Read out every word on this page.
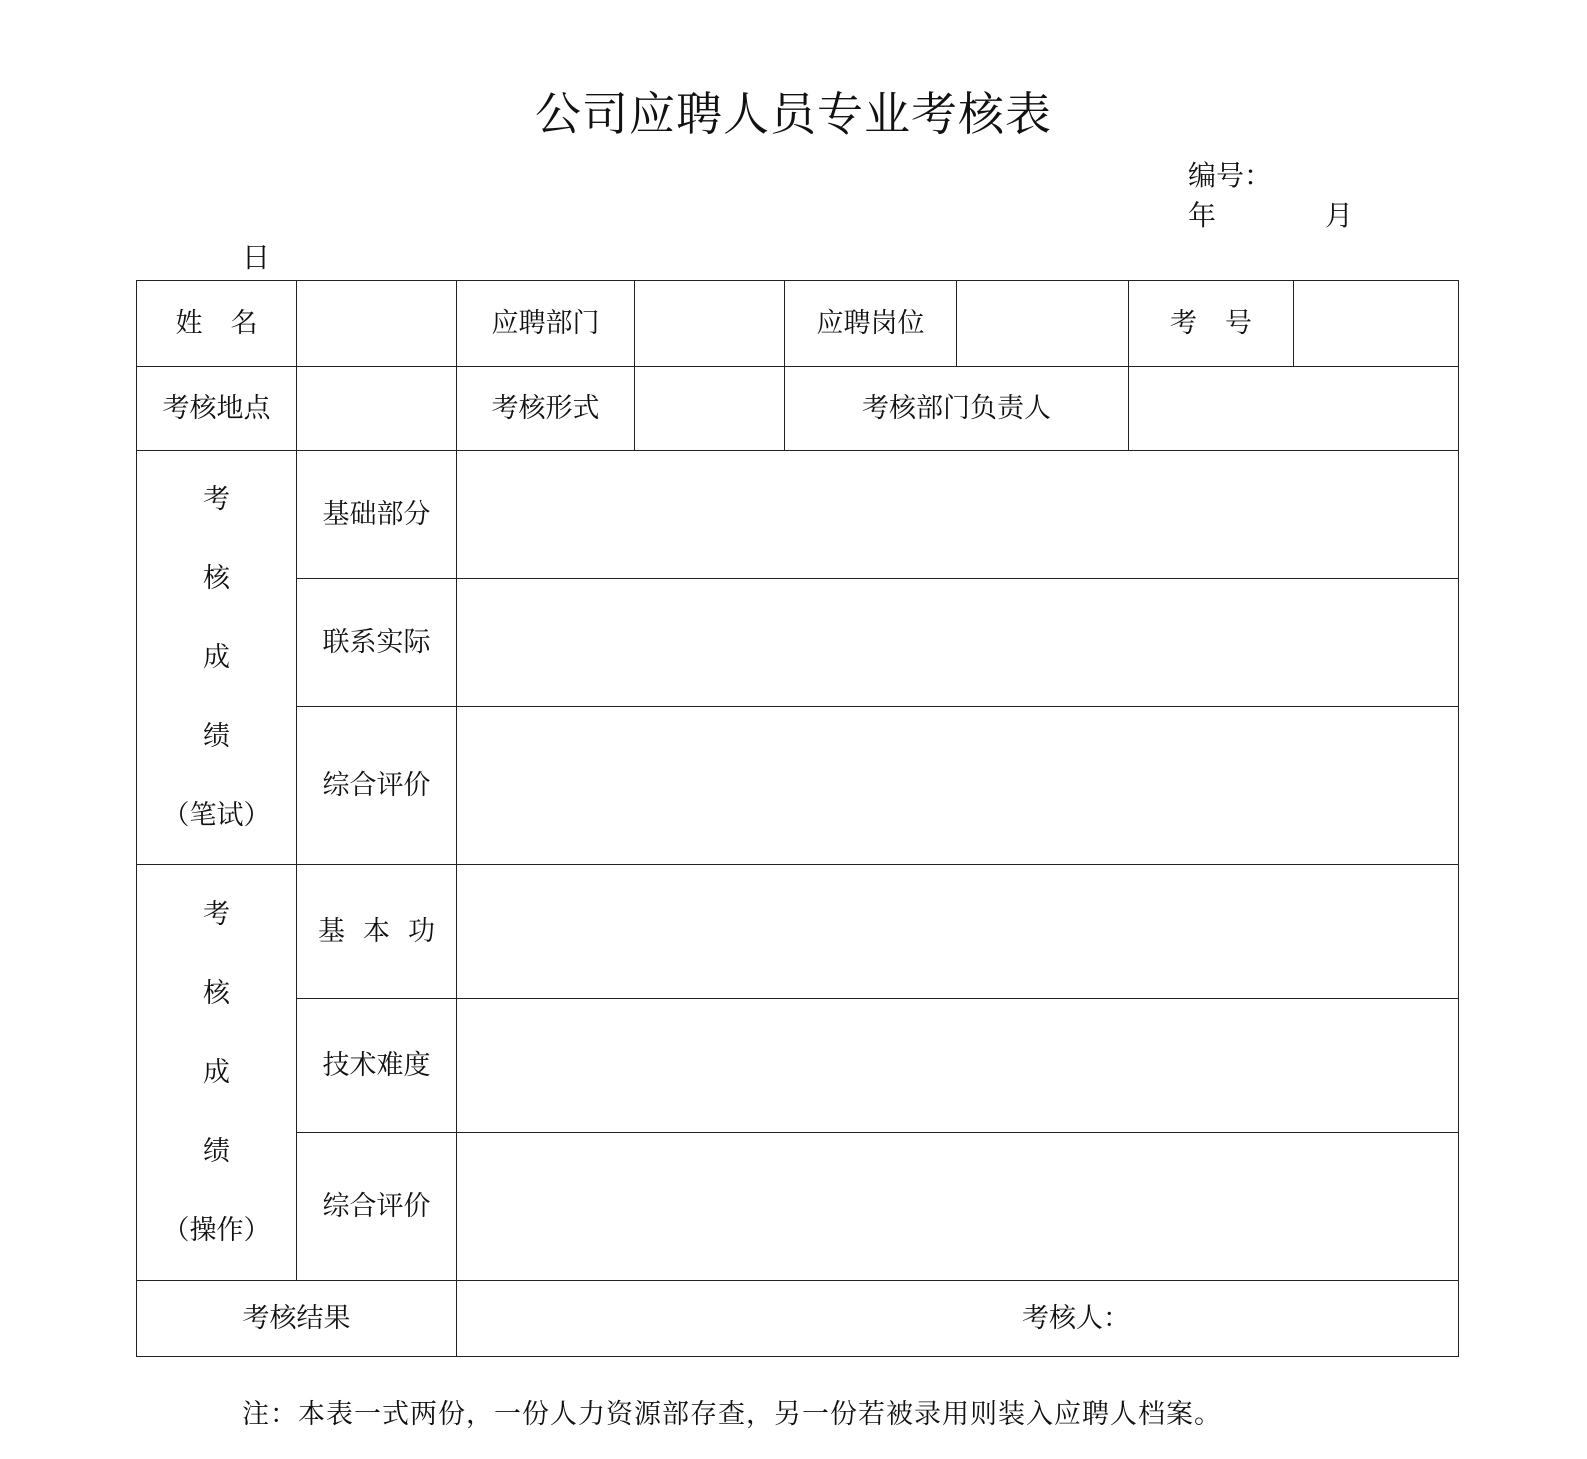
公司应聘人员专业考核表
编号：
年	月
日
姓 名		应聘部门		应聘岗位		考 号	
考核地点		考核形式		考核部门负责人			

考
核
成
绩
（笔试）	基础部分						
	联系实际						
	综合评价						

考
核
成
绩
（操作）	基 本 功						
	技术难度						
	综合评价						
考核结果		考核人：					
注：本表一式两份，一份人力资源部存查，另一份若被录用则装入应聘人档案。
